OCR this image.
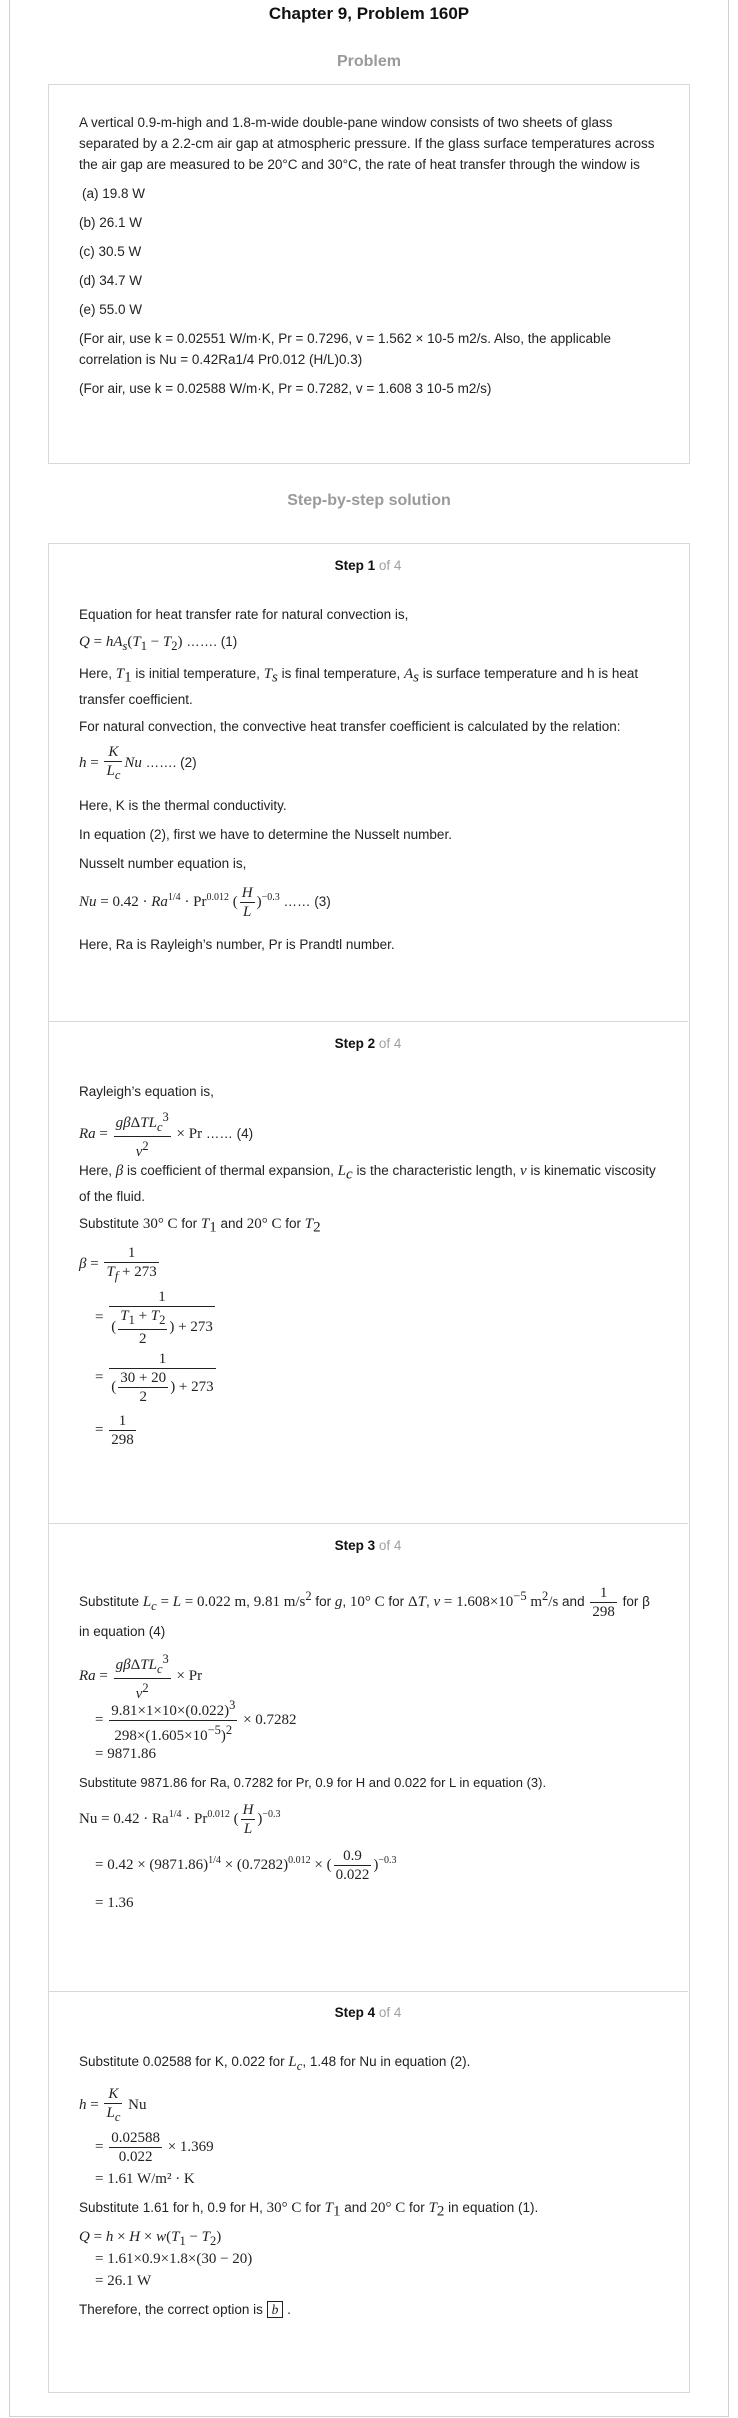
Chapter 9, Problem 160P
Problem

A vertical 0.9-m-high and 1.8-m-wide double-pane window consists of two sheets of glass separated by a 2.2-cm air gap at atmospheric pressure. If the glass surface temperatures across the air gap are measured to be 20°C and 30°C, the rate of heat transfer through the window is

(a) 19.8 W

(b) 26.1 W

(c) 30.5 W

(d) 34.7 W

(e) 55.0 W

(For air, use k = 0.02551 W/m·K, Pr = 0.7296, v = 1.562 × 10-5 m2/s. Also, the applicable correlation is Nu = 0.42Ra1/4 Pr0.012 (H/L)0.3)

(For air, use k = 0.02588 W/m·K, Pr = 0.7282, v = 1.608 3 10-5 m2/s)

Step-by-step solution
Step 1 of 4

Equation for heat transfer rate for natural convection is,

$Q = hA_s(T_1 - T_2)$ ……. (1)

Here, $T_1$ is initial temperature, $T_s$ is final temperature, $A_s$ is surface temperature and h is heat transfer coefficient.

For natural convection, the convective heat transfer coefficient is calculated by the relation:

$h = \frac{K}{L_c}$ Nu ……. (2)

Here, K is the thermal conductivity.

In equation (2), first we have to determine the Nusselt number.

Nusselt number equation is,

$Nu = 0.42 \cdot Ra^{1/4} \cdot Pr^{0.012}$ ( $\frac{H}{L} )^{-0.3}$ …… (3)

Here, Ra is Rayleigh’s number, Pr is Prandtl number.

Step 2 of 4

Rayleigh’s equation is,

$Ra = \frac{g\beta\Delta TL_c^3}{\nu^2} \times Pr$ …… (4)

Here, β is coefficient of thermal expansion, $L_c$ is the characteristic length, ν is kinematic viscosity of the fluid.

Substitute 30° C for $T_1$ and 20° C for $T_2$

$\beta = \frac{1}{T_f + 273}$
= $\frac{1}{( \frac{T_1 + T_2}{2} ) + 273}$
= $\frac{1}{( \frac{30 + 20}{2} ) + 273}$
= $\frac{1}{298}$
Step 3 of 4

Substitute $L_c = L = 0.022$ m, 9.81 $m/s^2$ for g, 10° C for ΔT, $\nu = 1.608\times 10^{-5}$ $m^2/s$ and $\frac{1}{298}$ for β in equation (4)

$Ra = \frac{g\beta\Delta TL_c^3}{\nu^2} \times Pr$
= $\frac{9.81\times 1\times 10\times(0.022)^3}{298\times(1.605\times 10^{-5})^2} \times 0.7282$
= 9871.86

Substitute 9871.86 for Ra, 0.7282 for Pr, 0.9 for H and 0.022 for L in equation (3).

$Nu = 0.42 \cdot Ra^{1/4} \cdot Pr^{0.012}$ ( $\frac{H}{L} )^{-0.3}$
= $0.42 \times (9871.86)^{1/4} \times (0.7282)^{0.012}$ × ( $\frac{0.9}{0.022} )^{-0.3}$
= 1.36
Step 4 of 4

Substitute 0.02588 for K, 0.022 for $L_c$, 1.48 for Nu in equation (2).

$h = \frac{K}{L_c}$ Nu
= $\frac{0.02588}{0.022} \times 1.369$
= 1.61 W/m² · K

Substitute 1.61 for h, 0.9 for H, 30° C for $T_1$ and 20° C for $T_2$ in equation (1).

$Q = h \times H \times w(T_1 - T_2)$
= 1.61×0.9×1.8×(30 − 20)
= 26.1 W

Therefore, the correct option is b .
